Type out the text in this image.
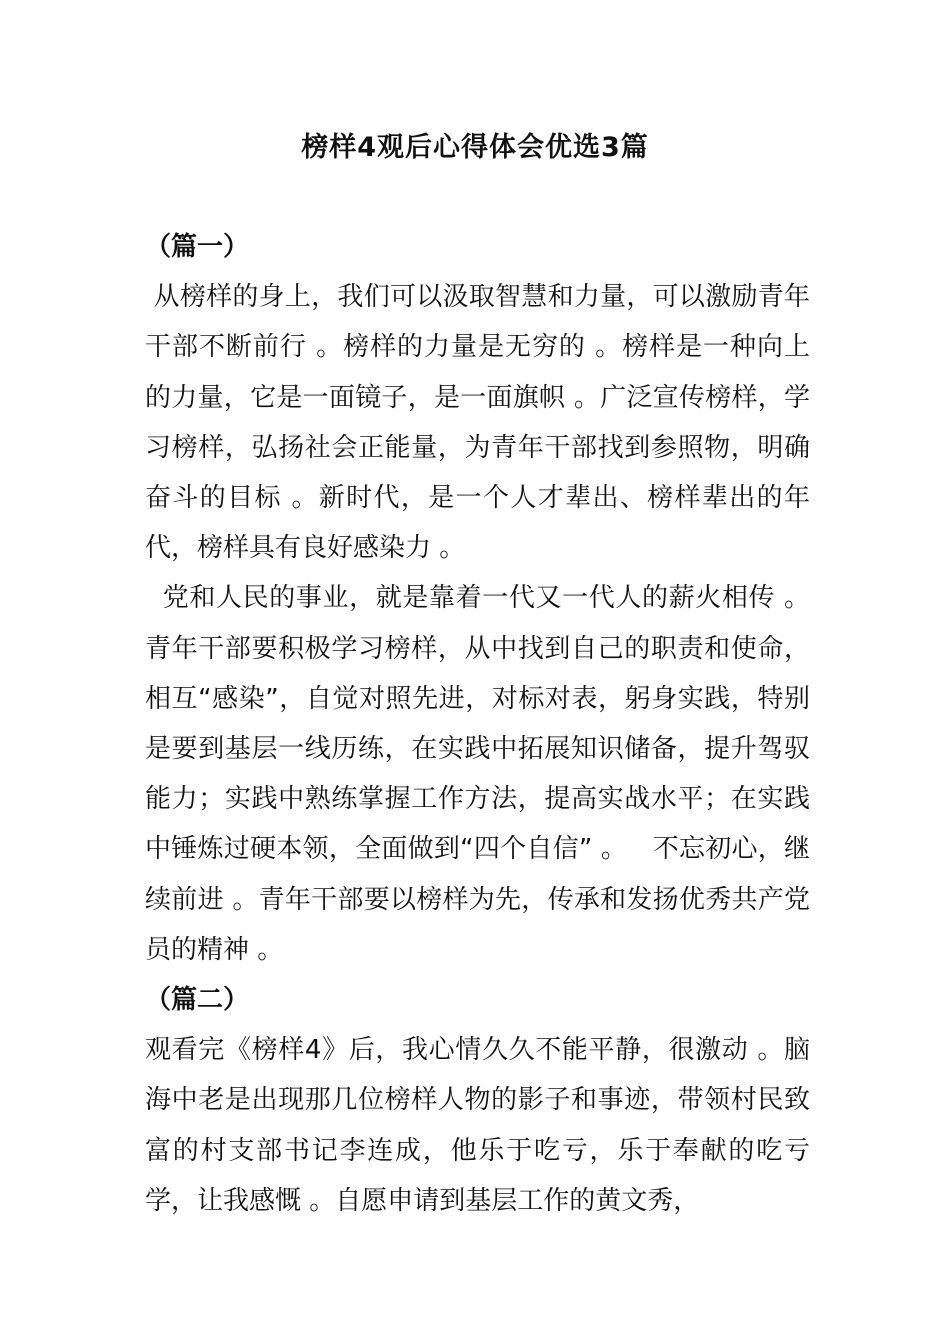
榜样4观后心得体会优选3篇
（篇一）

从榜样的身上，我们可以汲取智慧和力量，可以激励青年干部不断前行 。榜样的力量是无穷的 。榜样是一种向上的力量，它是一面镜子，是一面旗帜 。广泛宣传榜样，学习榜样，弘扬社会正能量，为青年干部找到参照物，明确奋斗的目标 。新时代，是一个人才辈出、榜样辈出的年代，榜样具有良好感染力 。

党和人民的事业，就是靠着一代又一代人的薪火相传 。青年干部要积极学习榜样，从中找到自己的职责和使命，相互“感染”，自觉对照先进，对标对表，躬身实践，特别是要到基层一线历练，在实践中拓展知识储备，提升驾驭能力；实践中熟练掌握工作方法，提高实战水平；在实践中锤炼过硬本领，全面做到“四个自信” 。   不忘初心，继续前进 。青年干部要以榜样为先，传承和发扬优秀共产党员的精神 。

（篇二）

观看完《榜样4》后，我心情久久不能平静，很激动 。脑海中老是出现那几位榜样人物的影子和事迹，带领村民致富的村支部书记李连成，他乐于吃亏，乐于奉献的吃亏学，让我感慨 。自愿申请到基层工作的黄文秀，
